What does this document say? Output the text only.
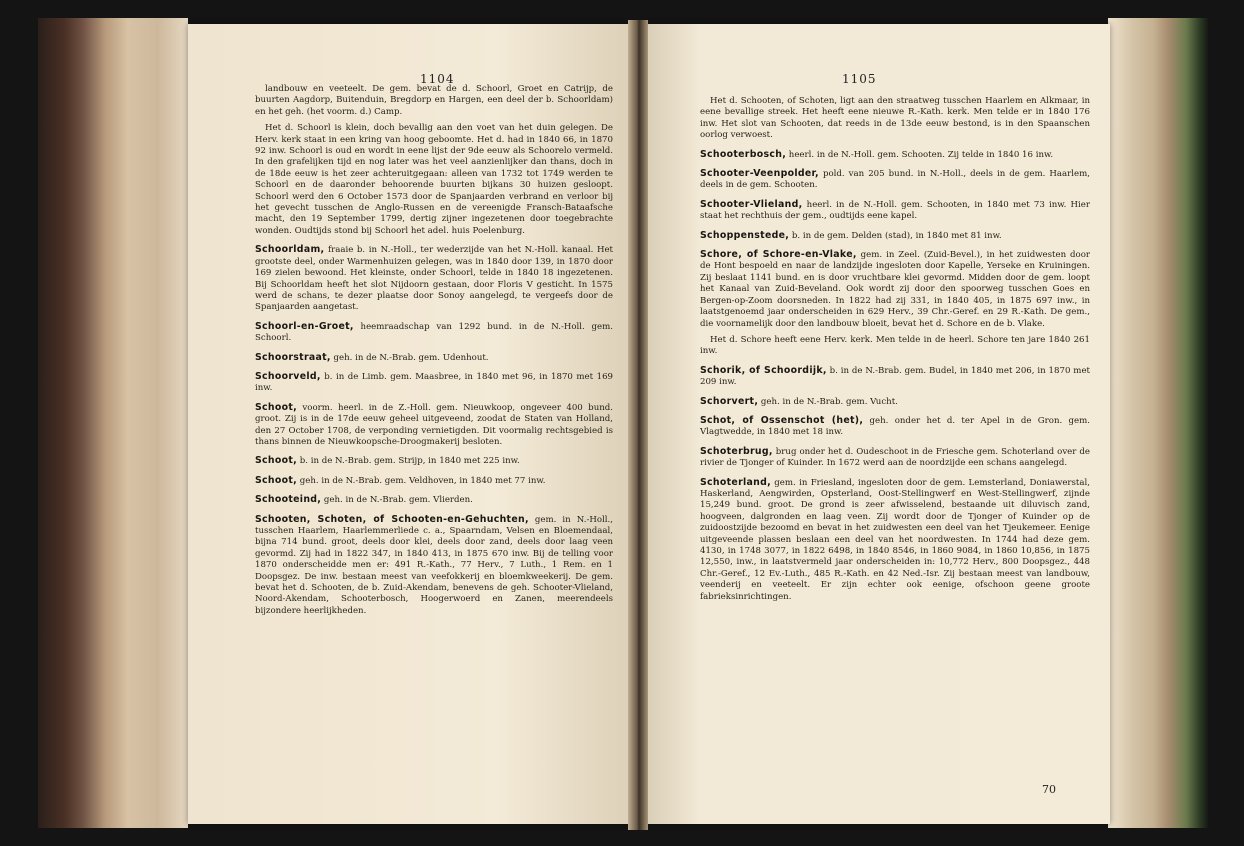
1104	1105

landbouw en veeteelt. De gem. bevat de d. Schoorl, Groet en Catrijp, de buurten Aagdorp, Buitenduin, Bregdorp en Hargen, een deel der b. Schoorldam) en het geh. (het voorm. d.) Camp.

Het d. Schoorl is klein, doch bevallig aan den voet van het duin gelegen. De Herv. kerk staat in een kring van hoog geboomte. Het d. had in 1840 66, in 1870 92 inw. Schoorl is oud en wordt in eene lijst der 9de eeuw als Schoorelo vermeld. In den grafelijken tijd en nog later was het veel aanzienlijker dan thans, doch in de 18de eeuw is het zeer achteruitgegaan: alleen van 1732 tot 1749 werden te Schoorl en de daaronder behoorende buurten bijkans 30 huizen gesloopt. Schoorl werd den 6 October 1573 door de Spanjaarden verbrand en verloor bij het gevecht tusschen de Anglo-Russen en de vereenigde Fransch-Bataafsche macht, den 19 September 1799, dertig zijner ingezetenen door toegebrachte wonden. Oudtijds stond bij Schoorl het adel. huis Poelenburg.

Schoorldam, fraaie b. in N.-Holl., ter wederzijde van het N.-Holl. kanaal. Het grootste deel, onder Warmenhuizen gelegen, was in 1840 door 139, in 1870 door 169 zielen bewoond. Het kleinste, onder Schoorl, telde in 1840 18 ingezetenen. Bij Schoorldam heeft het slot Nijdoorn gestaan, door Floris V gesticht. In 1575 werd de schans, te dezer plaatse door Sonoy aangelegd, te vergeefs door de Spanjaarden aangetast.

Schoorl-en-Groet, heemraadschap van 1292 bund. in de N.-Holl. gem. Schoorl.

Schoorstraat, geh. in de N.-Brab. gem. Udenhout.

Schoorveld, b. in de Limb. gem. Maasbree, in 1840 met 96, in 1870 met 169 inw.

Schoot, voorm. heerl. in de Z.-Holl. gem. Nieuwkoop, ongeveer 400 bund. groot. Zij is in de 17de eeuw geheel uitgeveend, zoodat de Staten van Holland, den 27 October 1708, de verponding vernietigden. Dit voormalig rechtsgebied is thans binnen de Nieuwkoopsche-Droogmakerij besloten.

Schoot, b. in de N.-Brab. gem. Strijp, in 1840 met 225 inw.

Schoot, geh. in de N.-Brab. gem. Veldhoven, in 1840 met 77 inw.

Schooteind, geh. in de N.-Brab. gem. Vlierden.

Schooten, Schoten, of Schooten-en-Gehuchten, gem. in N.-Holl., tusschen Haarlem, Haarlemmerliede c. a., Spaarndam, Velsen en Bloemendaal, bijna 714 bund. groot, deels door klei, deels door zand, deels door laag veen gevormd. Zij had in 1822 347, in 1840 413, in 1875 670 inw. Bij de telling voor 1870 onderscheidde men er: 491 R.-Kath., 77 Herv., 7 Luth., 1 Rem. en 1 Doopsgez. De inw. bestaan meest van veefokkerij en bloemkweekerij. De gem. bevat het d. Schooten, de b. Zuid-Akendam, benevens de geh. Schooter-Vlieland, Noord-Akendam, Schooterbosch, Hoogerwoerd en Zanen, meerendeels bijzondere heerlijkheden.

Het d. Schooten, of Schoten, ligt aan den straatweg tusschen Haarlem en Alkmaar, in eene bevallige streek. Het heeft eene nieuwe R.-Kath. kerk. Men telde er in 1840 176 inw. Het slot van Schooten, dat reeds in de 13de eeuw bestond, is in den Spaanschen oorlog verwoest.

Schooterbosch, heerl. in de N.-Holl. gem. Schooten. Zij telde in 1840 16 inw.

Schooter-Veenpolder, pold. van 205 bund. in N.-Holl., deels in de gem. Haarlem, deels in de gem. Schooten.

Schooter-Vlieland, heerl. in de N.-Holl. gem. Schooten, in 1840 met 73 inw. Hier staat het rechthuis der gem., oudtijds eene kapel.

Schoppenstede, b. in de gem. Delden (stad), in 1840 met 81 inw.

Schore, of Schore-en-Vlake, gem. in Zeel. (Zuid-Bevel.), in het zuidwesten door de Hont bespoeld en naar de landzijde ingesloten door Kapelle, Yerseke en Kruiningen. Zij beslaat 1141 bund. en is door vruchtbare klei gevormd. Midden door de gem. loopt het Kanaal van Zuid-Beveland. Ook wordt zij door den spoorweg tusschen Goes en Bergen-op-Zoom doorsneden. In 1822 had zij 331, in 1840 405, in 1875 697 inw., in laatstgenoemd jaar onderscheiden in 629 Herv., 39 Chr.-Geref. en 29 R.-Kath. De gem., die voornamelijk door den landbouw bloeit, bevat het d. Schore en de b. Vlake.

Het d. Schore heeft eene Herv. kerk. Men telde in de heerl. Schore ten jare 1840 261 inw.

Schorik, of Schoordijk, b. in de N.-Brab. gem. Budel, in 1840 met 206, in 1870 met 209 inw.

Schorvert, geh. in de N.-Brab. gem. Vucht.

Schot, of Ossenschot (het), geh. onder het d. ter Apel in de Gron. gem. Vlagtwedde, in 1840 met 18 inw.

Schoterbrug, brug onder het d. Oudeschoot in de Friesche gem. Schoterland over de rivier de Tjonger of Kuinder. In 1672 werd aan de noordzijde een schans aangelegd.

Schoterland, gem. in Friesland, ingesloten door de gem. Lemsterland, Doniawerstal, Haskerland, Aengwirden, Opsterland, Oost-Stellingwerf en West-Stellingwerf, zijnde 15,249 bund. groot. De grond is zeer afwisselend, bestaande uit diluvisch zand, hoogveen, dalgronden en laag veen. Zij wordt door de Tjonger of Kuinder op de zuidoostzijde bezoomd en bevat in het zuidwesten een deel van het Tjeukemeer. Eenige uitgeveende plassen beslaan een deel van het noordwesten. In 1744 had deze gem. 4130, in 1748 3077, in 1822 6498, in 1840 8546, in 1860 9084, in 1860 10,856, in 1875 12,550, inw., in laatstvermeld jaar onderscheiden in: 10,772 Herv., 800 Doopsgez., 448 Chr.-Geref., 12 Ev.-Luth., 485 R.-Kath. en 42 Ned.-Isr. Zij bestaan meest van landbouw, veenderij en veeteelt. Er zijn echter ook eenige, ofschoon geene groote fabrieksinrichtingen.

70
